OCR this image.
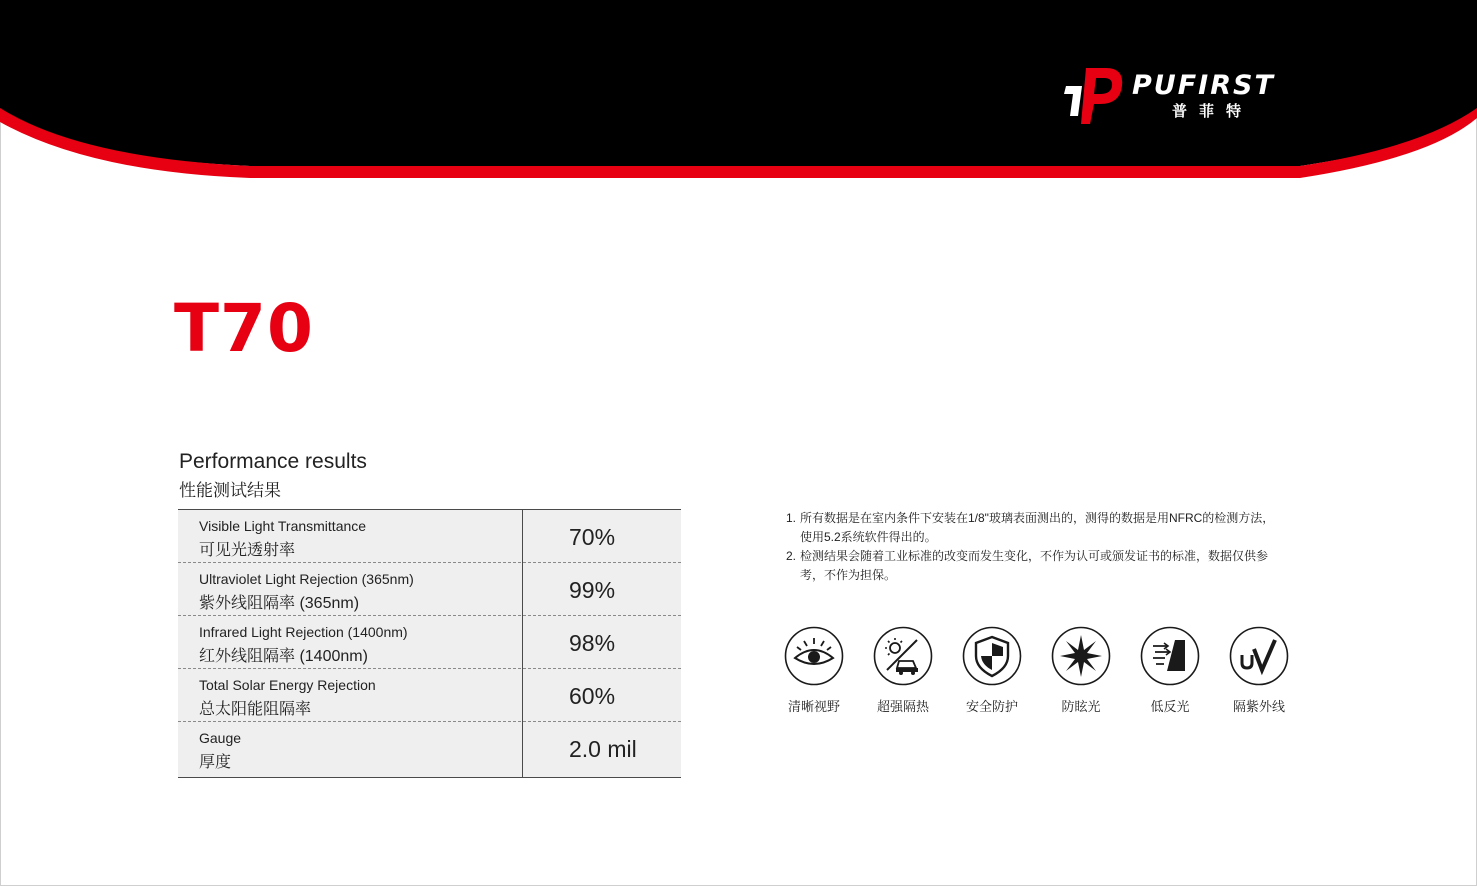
PUFIRST
普菲特
T70
Performance results
性能测试结果
Visible Light Transmittance
可见光透射率
70%
Ultraviolet Light Rejection (365nm)
紫外线阻隔率 (365nm)
99%
Infrared Light Rejection (1400nm)
红外线阻隔率 (1400nm)
98%
Total Solar Energy Rejection
总太阳能阻隔率
60%
Gauge
厚度
2.0 mil
1. 所有数据是在室内条件下安装在1/8"玻璃表面测出的，测得的数据是用NFRC的检测方法，使用5.2系统软件得出的。
2. 检测结果会随着工业标准的改变而发生变化，不作为认可或颁发证书的标准，数据仅供参考，不作为担保。
清晰视野	超强隔热	安全防护	防眩光	低反光	隔紫外线
